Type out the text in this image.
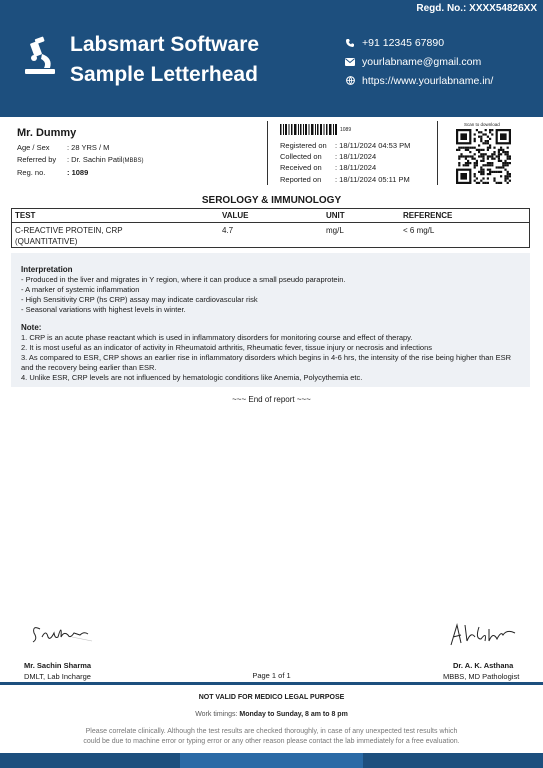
Regd. No.: XXXX54826XX
Labsmart Software
Sample Letterhead
+91 12345 67890
yourlabname@gmail.com
https://www.yourlabname.in/
Mr. Dummy
Age / Sex	: 28 YRS / M
Referred by	: Dr. Sachin Patil (MBBS)
Reg. no.	: 1089
1089
Registered on	: 18/11/2024 04:53 PM
Collected on	: 18/11/2024
Received on	: 18/11/2024
Reported on	: 18/11/2024 05:11 PM
Scan to download
SEROLOGY & IMMUNOLOGY
TEST	VALUE	UNIT	REFERENCE
C-REACTIVE PROTEIN, CRP
(QUANTITATIVE)
4.7	mg/L	< 6 mg/L
Interpretation
- Produced in the liver and migrates in Y region, where it can produce a small pseudo paraprotein.
- A marker of systemic inflammation
- High Sensitivity CRP (hs CRP) assay may indicate cardiovascular risk
- Seasonal variations with highest levels in winter.
Note:
1. CRP is an acute phase reactant which is used in inflammatory disorders for monitoring course and effect of therapy.
2. It is most useful as an indicator of activity in Rheumatoid arthritis, Rheumatic fever, tissue injury or necrosis and infections
3. As compared to ESR, CRP shows an earlier rise in inflammatory disorders which begins in 4-6 hrs, the intensity of the rise being higher than ESR and the recovery being earlier than ESR.
4. Unlike ESR, CRP levels are not influenced by hematologic conditions like Anemia, Polycythemia etc.
~~~ End of report ~~~
Mr. Sachin Sharma
DMLT, Lab Incharge
Dr. A. K. Asthana
MBBS, MD Pathologist
Page 1 of 1
NOT VALID FOR MEDICO LEGAL PURPOSE
Work timings: Monday to Sunday, 8 am to 8 pm
Please correlate clinically. Although the test results are checked thoroughly, in case of any unexpected test results which
could be due to machine error or typing error or any other reason please contact the lab immediately for a free evaluation.
